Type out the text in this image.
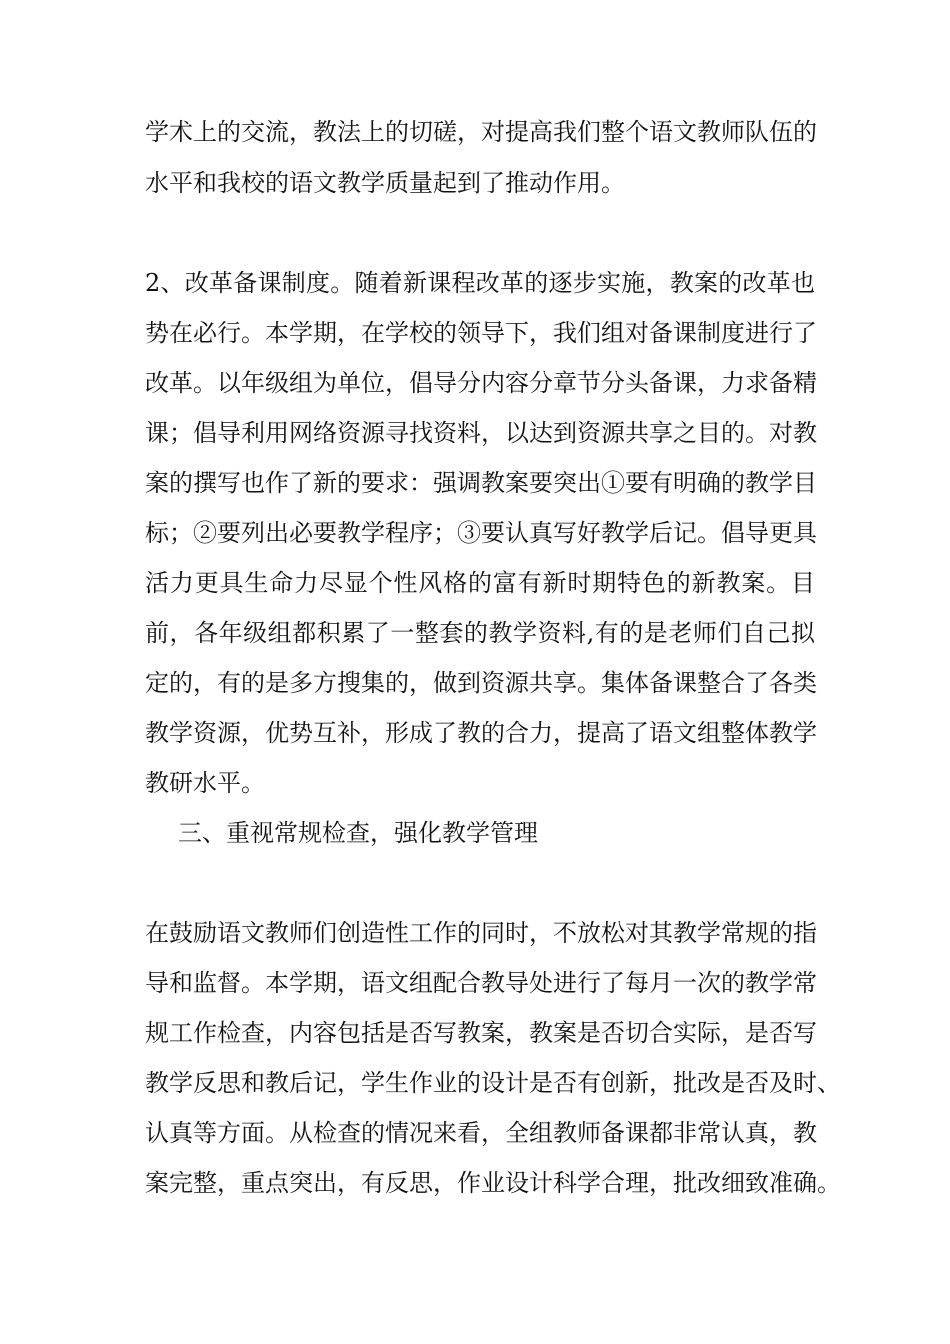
学术上的交流，教法上的切磋，对提高我们整个语文教师队伍的
水平和我校的语文教学质量起到了推动作用。
2、改革备课制度。随着新课程改革的逐步实施，教案的改革也
势在必行。本学期，在学校的领导下，我们组对备课制度进行了
改革。以年级组为单位，倡导分内容分章节分头备课，力求备精
课；倡导利用网络资源寻找资料，以达到资源共享之目的。对教
案的撰写也作了新的要求：强调教案要突出①要有明确的教学目
标；②要列出必要教学程序；③要认真写好教学后记。倡导更具
活力更具生命力尽显个性风格的富有新时期特色的新教案。目
前，各年级组都积累了一整套的教学资料,有的是老师们自己拟
定的，有的是多方搜集的，做到资源共享。集体备课整合了各类
教学资源，优势互补，形成了教的合力，提高了语文组整体教学
教研水平。
三、重视常规检查，强化教学管理
在鼓励语文教师们创造性工作的同时，不放松对其教学常规的指
导和监督。本学期，语文组配合教导处进行了每月一次的教学常
规工作检查，内容包括是否写教案，教案是否切合实际，是否写
教学反思和教后记，学生作业的设计是否有创新，批改是否及时、
认真等方面。从检查的情况来看，全组教师备课都非常认真，教
案完整，重点突出，有反思，作业设计科学合理，批改细致准确。
